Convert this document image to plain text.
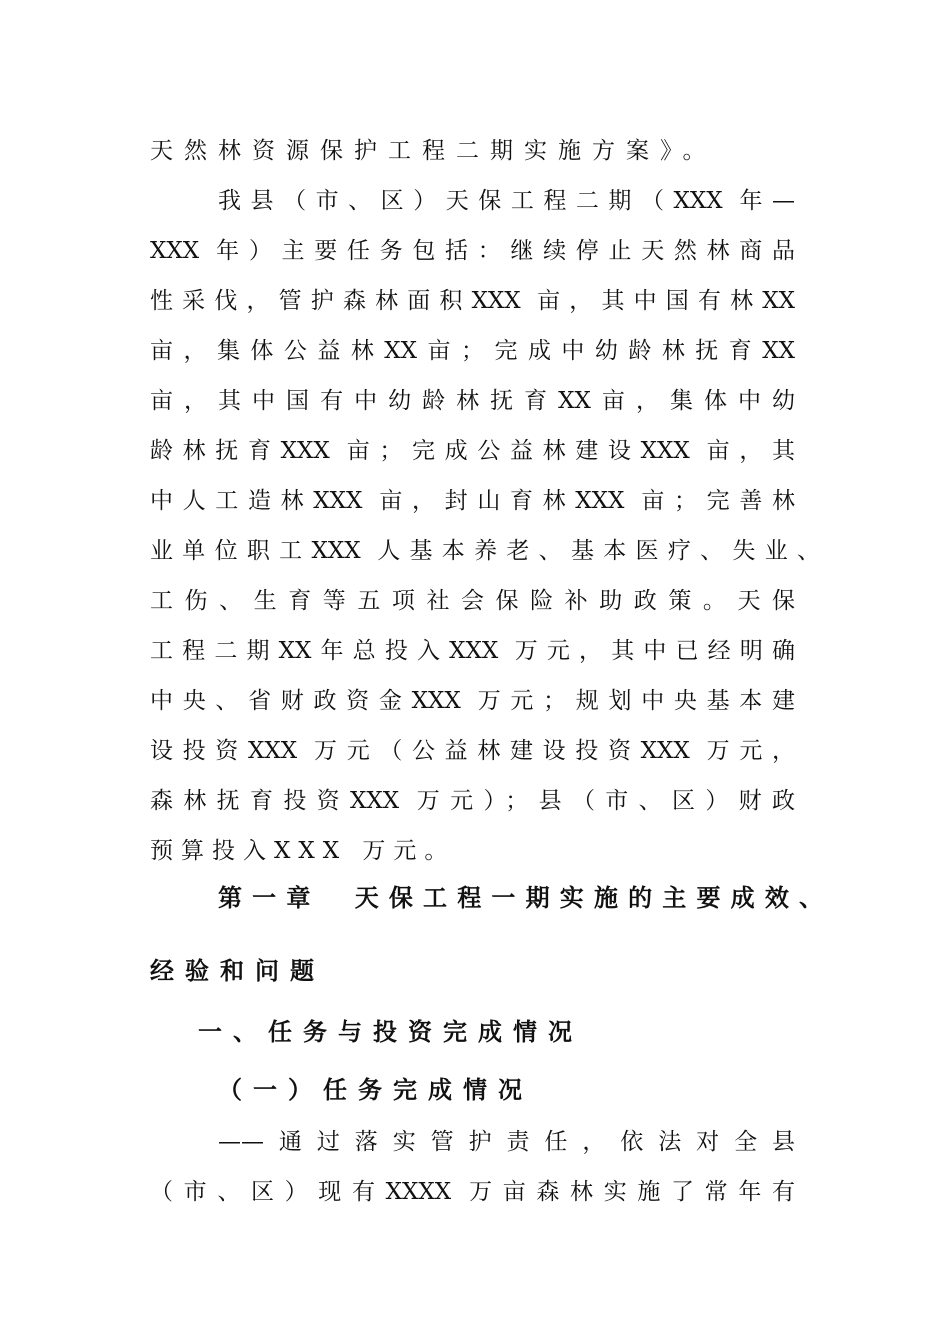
天然林资源保护工程二期实施方案》。

我县（市、区）天保工程二期（XXX 年—

XXX 年）主要任务包括：继续停止天然林商品

性采伐，管护森林面积XXX 亩，其中国有林XX

亩，集体公益林XX亩；完成中幼龄林抚育XX

亩，其中国有中幼龄林抚育XX亩，集体中幼

龄林抚育XXX 亩；完成公益林建设XXX 亩，其

中人工造林XXX 亩，封山育林XXX 亩；完善林

业单位职工XXX 人基本养老、基本医疗、失业、

工伤、生育等五项社会保险补助政策。天保

工程二期XX年总投入XXX 万元，其中已经明确

中央、省财政资金XXX 万元；规划中央基本建

设投资XXX 万元（公益林建设投资XXX 万元，

森林抚育投资XXX 万元）；县（市、区）财政

预算投入XXX 万元。

第一章　天保工程一期实施的主要成效、

经验和问题

一、任务与投资完成情况

（一）任务完成情况

——通过落实管护责任，依法对全县

（市、区）现有XXXX 万亩森林实施了常年有
